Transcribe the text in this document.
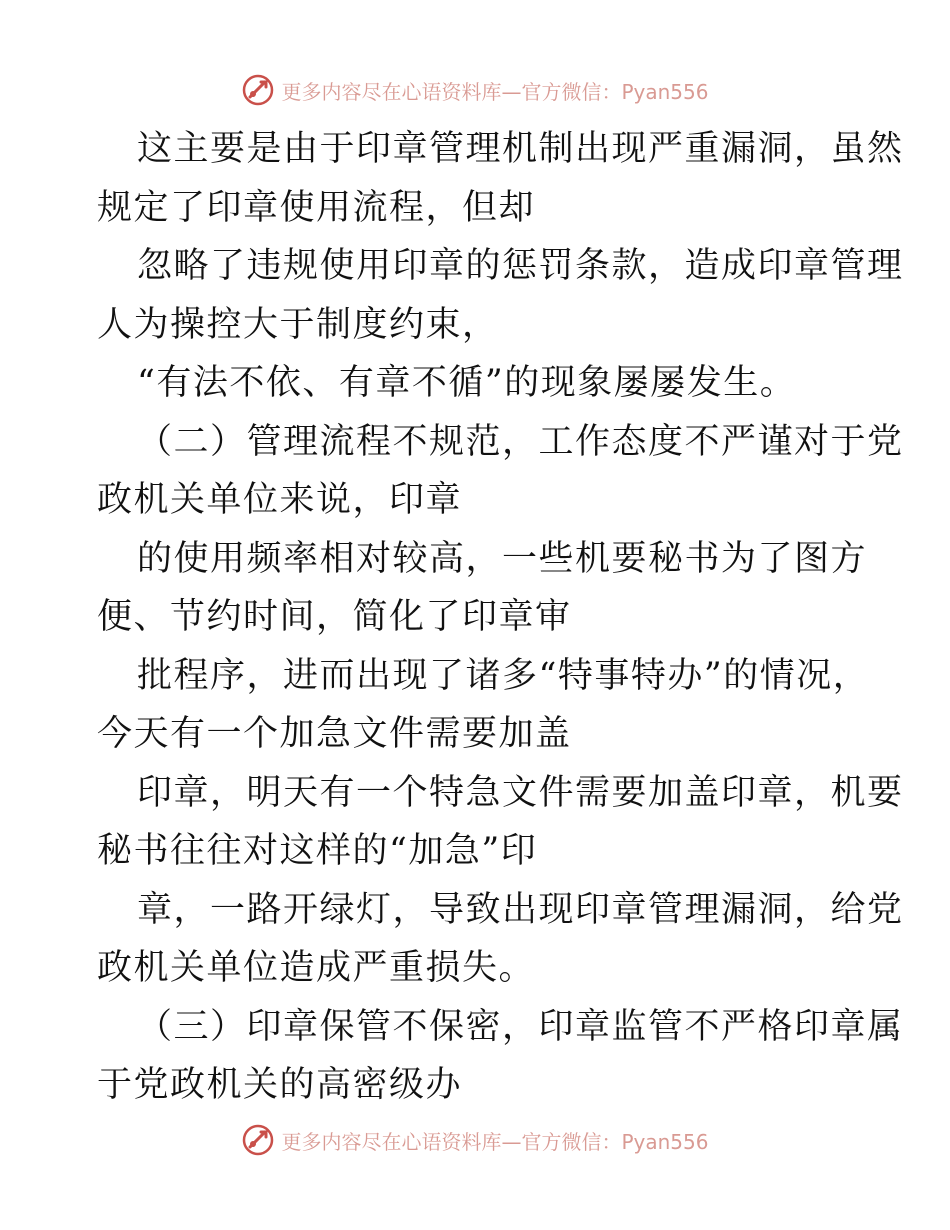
更多内容尽在心语资料库—官方微信：Pyan556
这主要是由于印章管理机制出现严重漏洞，虽然
规定了印章使用流程，但却
忽略了违规使用印章的惩罚条款，造成印章管理
人为操控大于制度约束，
“有法不依、有章不循”的现象屡屡发生。
（二）管理流程不规范，工作态度不严谨对于党
政机关单位来说，印章
的使用频率相对较高，一些机要秘书为了图方
便、节约时间，简化了印章审
批程序，进而出现了诸多“特事特办”的情况，
今天有一个加急文件需要加盖
印章，明天有一个特急文件需要加盖印章，机要
秘书往往对这样的“加急”印
章，一路开绿灯，导致出现印章管理漏洞，给党
政机关单位造成严重损失。
（三）印章保管不保密，印章监管不严格印章属
于党政机关的高密级办
更多内容尽在心语资料库—官方微信：Pyan556
